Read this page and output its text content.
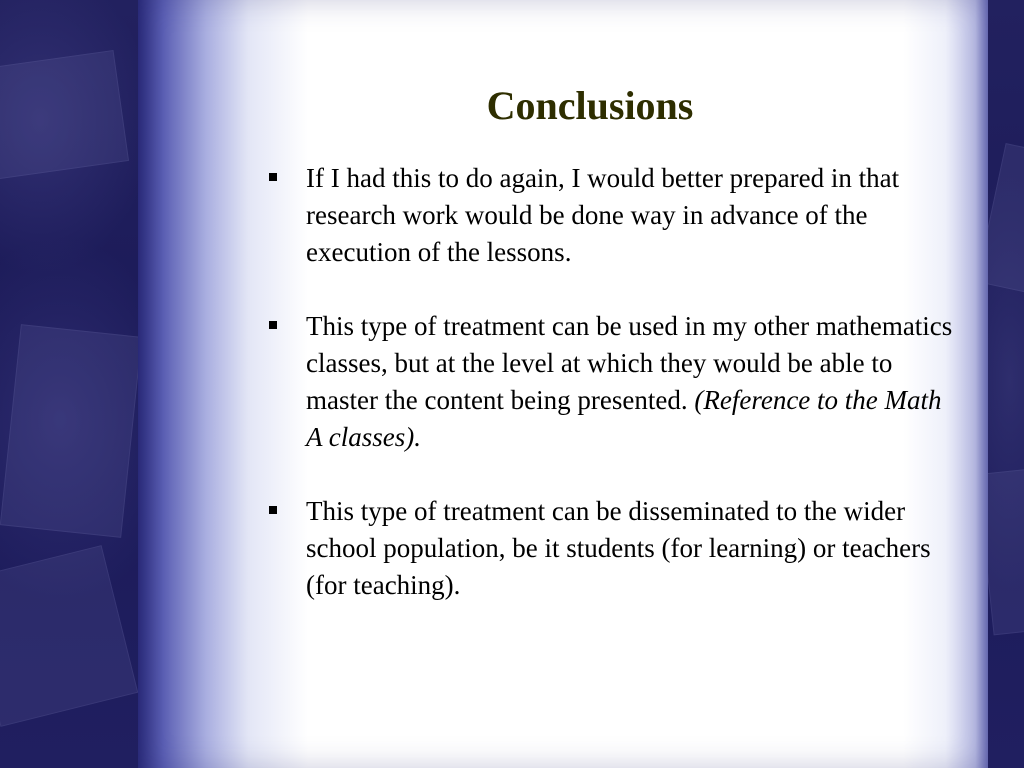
Conclusions
If I had this to do again, I would better prepared in that research work would be done way in advance of the execution of the lessons.
This type of treatment can be used in my other mathematics classes, but at the level at which they would be able to master the content being presented. (Reference to the Math A classes).
This type of treatment can be disseminated to the wider school population, be it students (for learning) or teachers (for teaching).
